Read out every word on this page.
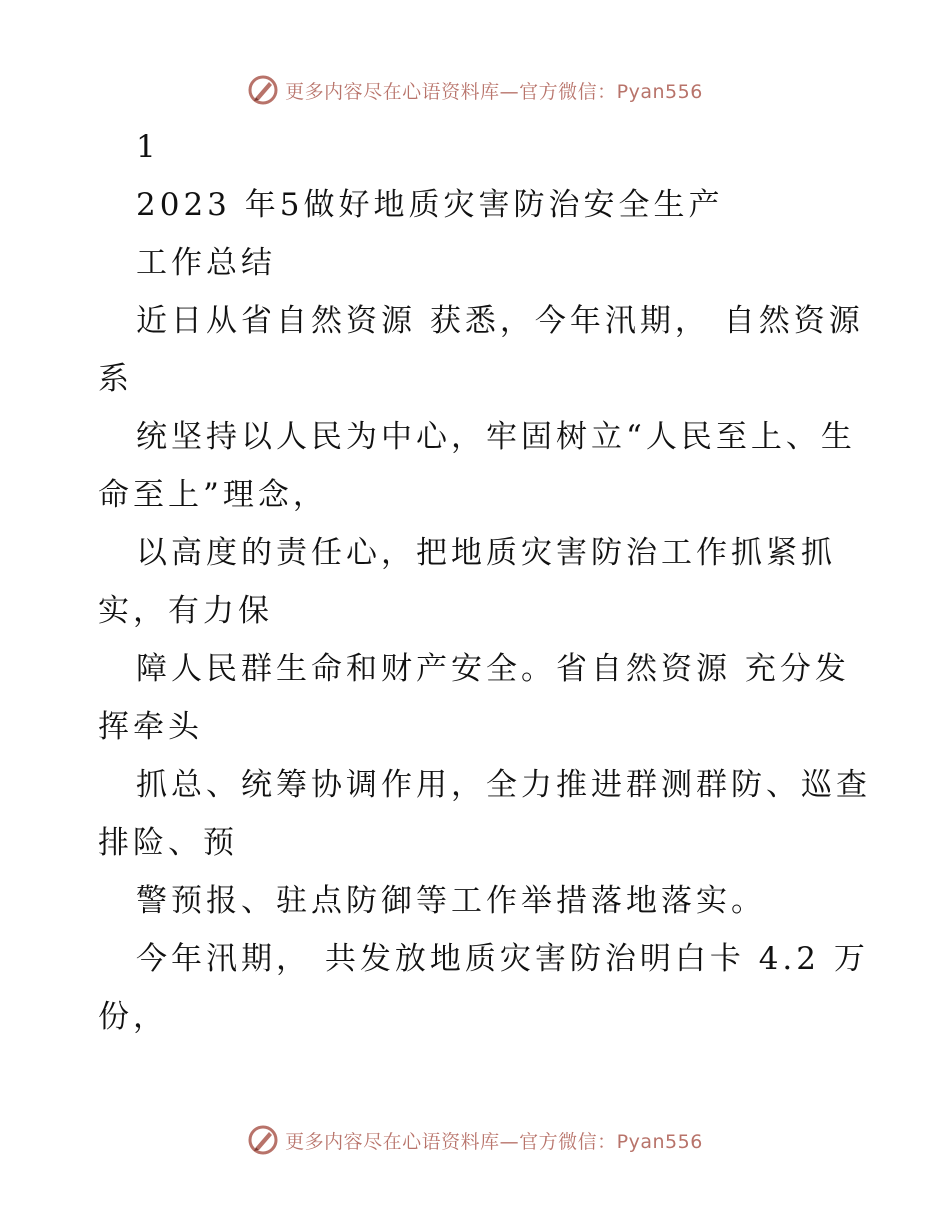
更多内容尽在心语资料库—官方微信：Pyan556
1
2023 年5做好地质灾害防治安全生产
工作总结
近日从省自然资源 获悉，今年汛期， 自然资源
系
统坚持以人民为中心，牢固树立“人民至上、生
命至上”理念，
以高度的责任心，把地质灾害防治工作抓紧抓
实，有力保
障人民群生命和财产安全。省自然资源 充分发
挥牵头
抓总、统筹协调作用，全力推进群测群防、巡查
排险、预
警预报、驻点防御等工作举措落地落实。
今年汛期， 共发放地质灾害防治明白卡 4.2 万
份，
更多内容尽在心语资料库—官方微信：Pyan556
